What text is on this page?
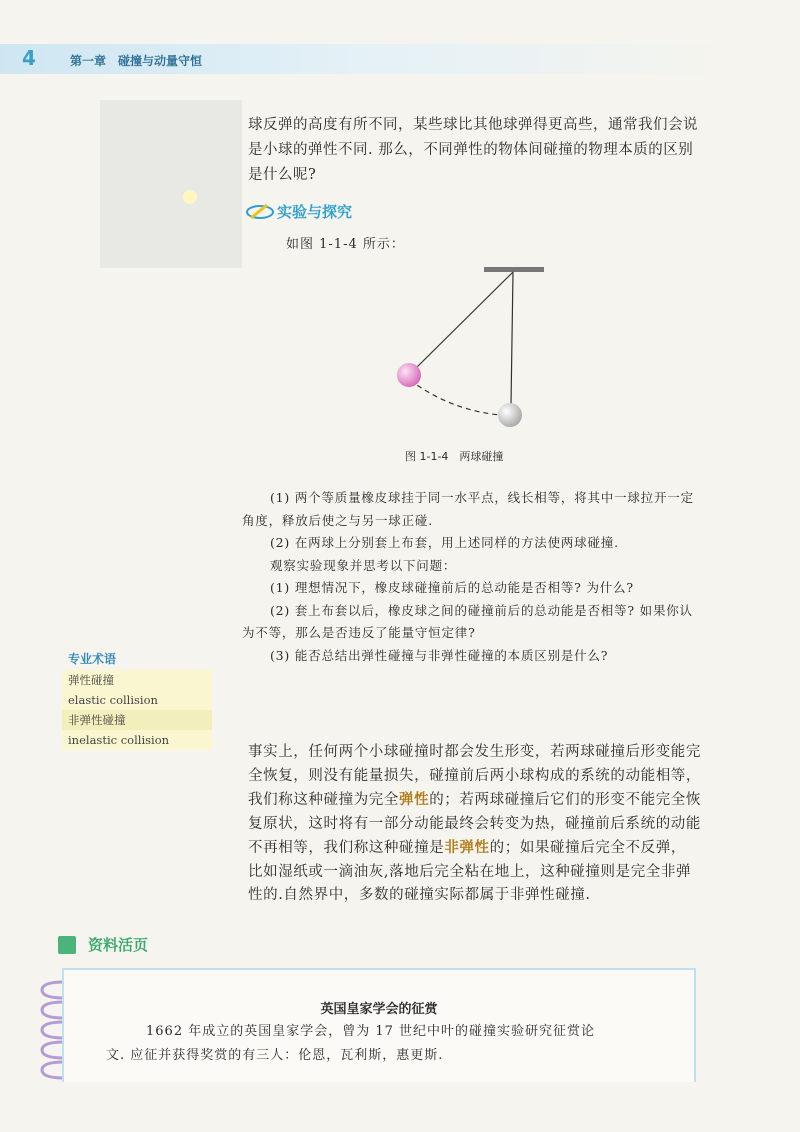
4	第一章　碰撞与动量守恒
球反弹的高度有所不同，某些球比其他球弹得更高些，通常我们会说是小球的弹性不同. 那么，不同弹性的物体间碰撞的物理本质的区别是什么呢?
实验与探究
如图 1-1-4 所示：
图 1-1-4　两球碰撞

(1) 两个等质量橡皮球挂于同一水平点，线长相等，将其中一球拉开一定角度，释放后使之与另一球正碰.

(2) 在两球上分别套上布套，用上述同样的方法使两球碰撞.

观察实验现象并思考以下问题：

(1) 理想情况下，橡皮球碰撞前后的总动能是否相等? 为什么?

(2) 套上布套以后，橡皮球之间的碰撞前后的总动能是否相等? 如果你认为不等，那么是否违反了能量守恒定律?

(3) 能否总结出弹性碰撞与非弹性碰撞的本质区别是什么?

专业术语
弹性碰撞
elastic collision
非弹性碰撞
inelastic collision
事实上，任何两个小球碰撞时都会发生形变，若两球碰撞后形变能完全恢复，则没有能量损失，碰撞前后两小球构成的系统的动能相等，我们称这种碰撞为完全弹性的；若两球碰撞后它们的形变不能完全恢复原状，这时将有一部分动能最终会转变为热，碰撞前后系统的动能不再相等，我们称这种碰撞是非弹性的；如果碰撞后完全不反弹，比如湿纸或一滴油灰,落地后完全粘在地上，这种碰撞则是完全非弹性的.自然界中，多数的碰撞实际都属于非弹性碰撞.
资料活页
英国皇家学会的征赏
1662 年成立的英国皇家学会，曾为 17 世纪中叶的碰撞实验研究征赏论
文. 应征并获得奖赏的有三人：伦恩，瓦利斯，惠更斯.
